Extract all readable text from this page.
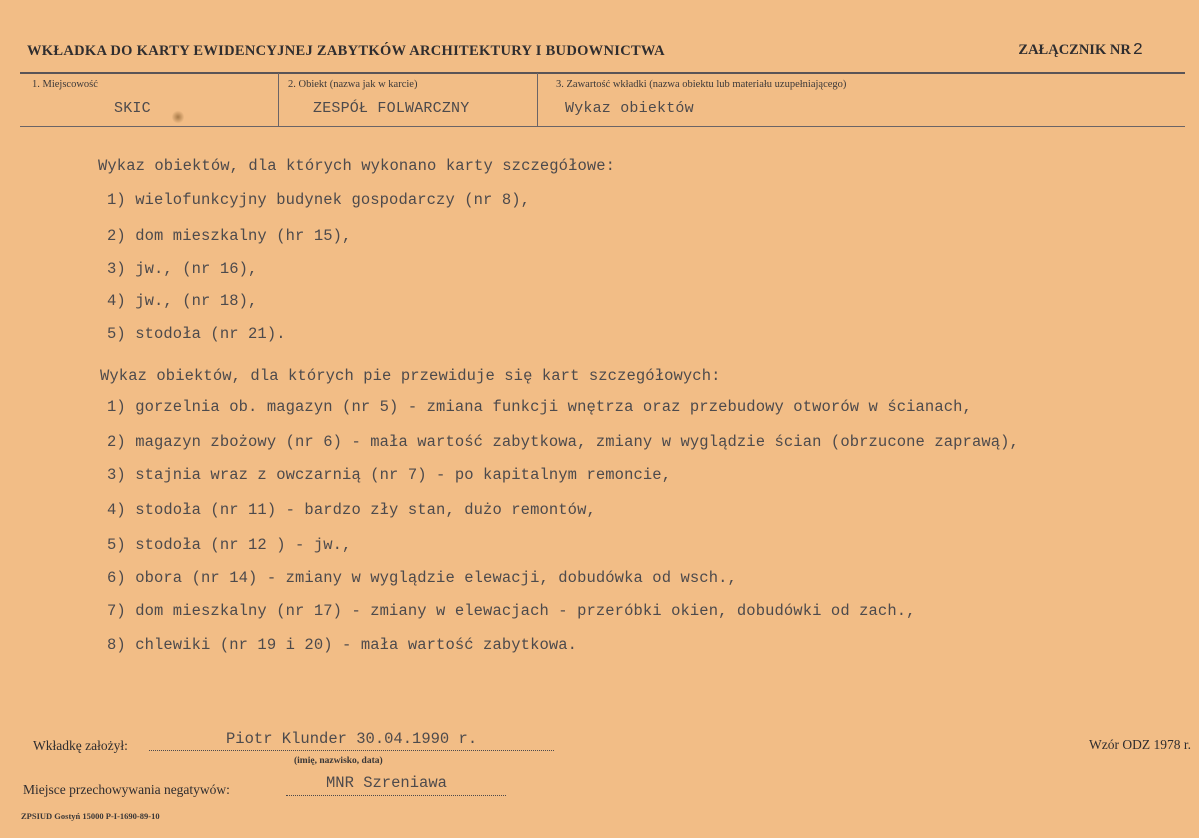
WKŁADKA DO KARTY EWIDENCYJNEJ ZABYTKÓW ARCHITEKTURY I BUDOWNICTWA	ZAŁĄCZNIK NR 2
1. Miejscowość
SKIC
2. Obiekt (nazwa jak w karcie)
ZESPÓŁ FOLWARCZNY
3. Zawartość wkładki (nazwa obiektu lub materiału uzupełniającego)
Wykaz obiektów
Wykaz obiektów, dla których wykonano karty szczegółowe:
1) wielofunkcyjny budynek gospodarczy (nr 8),
2) dom mieszkalny (hr 15),
3) jw., (nr 16),
4) jw., (nr 18),
5) stodoła (nr 21).
Wykaz obiektów, dla których pie przewiduje się kart szczegółowych:
1) gorzelnia ob. magazyn (nr 5) - zmiana funkcji wnętrza oraz przebudowy otworów w ścianach,
2) magazyn zbożowy (nr 6) - mała wartość zabytkowa, zmiany w wyglądzie ścian (obrzucone zaprawą),
3) stajnia wraz z owczarnią (nr 7) - po kapitalnym remoncie,
4) stodoła (nr 11) - bardzo zły stan, dużo remontów,
5) stodoła (nr 12 ) - jw.,
6) obora (nr 14) - zmiany w wyglądzie elewacji, dobudówka od wsch.,
7) dom mieszkalny (nr 17) - zmiany w elewacjach - przeróbki okien, dobudówki od zach.,
8) chlewiki (nr 19 i 20) - mała wartość zabytkowa.
Wkładkę założył:	Piotr Klunder 30.04.1990 r.
(imię, nazwisko, data)
Miejsce przechowywania negatywów:	MNR Szreniawa
Wzór ODZ 1978 r.
ZPSIUD Gostyń 15000 P-I-1690-89-10
